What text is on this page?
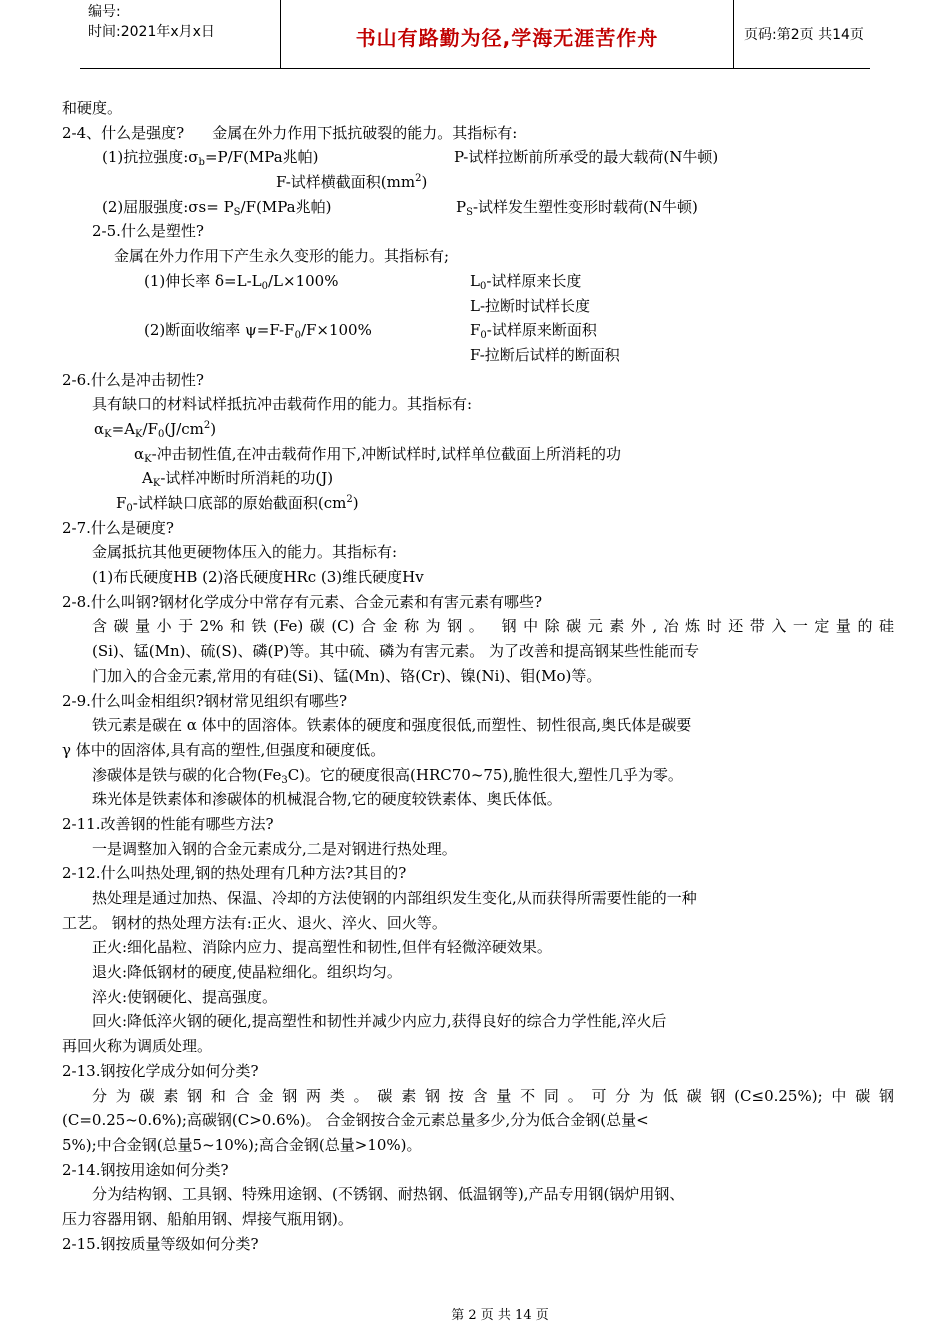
编号:
时间:2021年x月x日	书山有路勤为径,学海无涯苦作舟	页码:第2页 共14页
和硬度。
2-4、什么是强度? 金属在外力作用下抵抗破裂的能力。其指标有:
(1)抗拉强度$:\sigma_b=P/F(MPa$兆帕)	P-试样拉断前所承受的最大载荷(N牛顿)
F-试样横截面积$(mm^2)$
(2)屈服强度:σs= $P_S/F(MPa$兆帕)	$P_S-$试样发生塑性变形时载荷(N牛顿)
2-5.什么是塑性?
金属在外力作用下产生永久变形的能力。其指标有;
(1)伸长率 $\delta=L-L_0/L\times 100\%$	$L_0-$试样原来长度
L-拉断时试样长度
(2)断面收缩率 $\psi=F-F_0/F\times 100\%$	$F_0-$试样原来断面积
F-拉断后试样的断面积
2-6.什么是冲击韧性?
具有缺口的材料试样抵抗冲击载荷作用的能力。其指标有:
$\alpha_K=A_K/F_0(J/cm^2)$
$\alpha_K-$冲击韧性值,在冲击载荷作用下,冲断试样时,试样单位截面上所消耗的功
$A_K-$试样冲断时所消耗的功(J)
$F_0-$试样缺口底部的原始截面积$(cm^2)$
2-7.什么是硬度?
金属抵抗其他更硬物体压入的能力。其指标有:
(1)布氏硬度HB (2)洛氏硬度HRc (3)维氏硬度Hv
2-8.什么叫钢?钢材化学成分中常存有元素、合金元素和有害元素有哪些?
含碳量小于2%和铁(Fe)碳(C)合金称为钢。 钢中除碳元素外,冶炼时还带入一定量的硅
(Si)、锰(Mn)、硫(S)、磷(P)等。其中硫、磷为有害元素。 为了改善和提高钢某些性能而专
门加入的合金元素,常用的有硅(Si)、锰(Mn)、铬(Cr)、镍(Ni)、钼(Mo)等。
2-9.什么叫金相组织?钢材常见组织有哪些?
铁元素是碳在 α 体中的固溶体。铁素体的硬度和强度很低,而塑性、韧性很高,奥氏体是碳要
γ 体中的固溶体,具有高的塑性,但强度和硬度低。
渗碳体是铁与碳的化合物$(Fe_3C)$。它的硬度很高(HRC70~75),脆性很大,塑性几乎为零。
珠光体是铁素体和渗碳体的机械混合物,它的硬度较铁素体、奥氏体低。
2-11.改善钢的性能有哪些方法?
一是调整加入钢的合金元素成分,二是对钢进行热处理。
2-12.什么叫热处理,钢的热处理有几种方法?其目的?
热处理是通过加热、保温、冷却的方法使钢的内部组织发生变化,从而获得所需要性能的一种
工艺。 钢材的热处理方法有:正火、退火、淬火、回火等。
正火:细化晶粒、消除内应力、提高塑性和韧性,但伴有轻微淬硬效果。
退火:降低钢材的硬度,使晶粒细化。组织均匀。
淬火:使钢硬化、提高强度。
回火:降低淬火钢的硬化,提高塑性和韧性并减少内应力,获得良好的综合力学性能,淬火后
再回火称为调质处理。
2-13.钢按化学成分如何分类?
分为碳素钢和合金钢两类。碳素钢按含量不同。可分为低碳钢(C≤0.25%);中碳钢
(C=0.25~0.6%);高碳钢(C>0.6%)。 合金钢按合金元素总量多少,分为低合金钢(总量<
5%);中合金钢(总量5~10%);高合金钢(总量>10%)。
2-14.钢按用途如何分类?
分为结构钢、工具钢、特殊用途钢、(不锈钢、耐热钢、低温钢等),产品专用钢(锅炉用钢、
压力容器用钢、船舶用钢、焊接气瓶用钢)。
2-15.钢按质量等级如何分类?
第 2 页 共 14 页
